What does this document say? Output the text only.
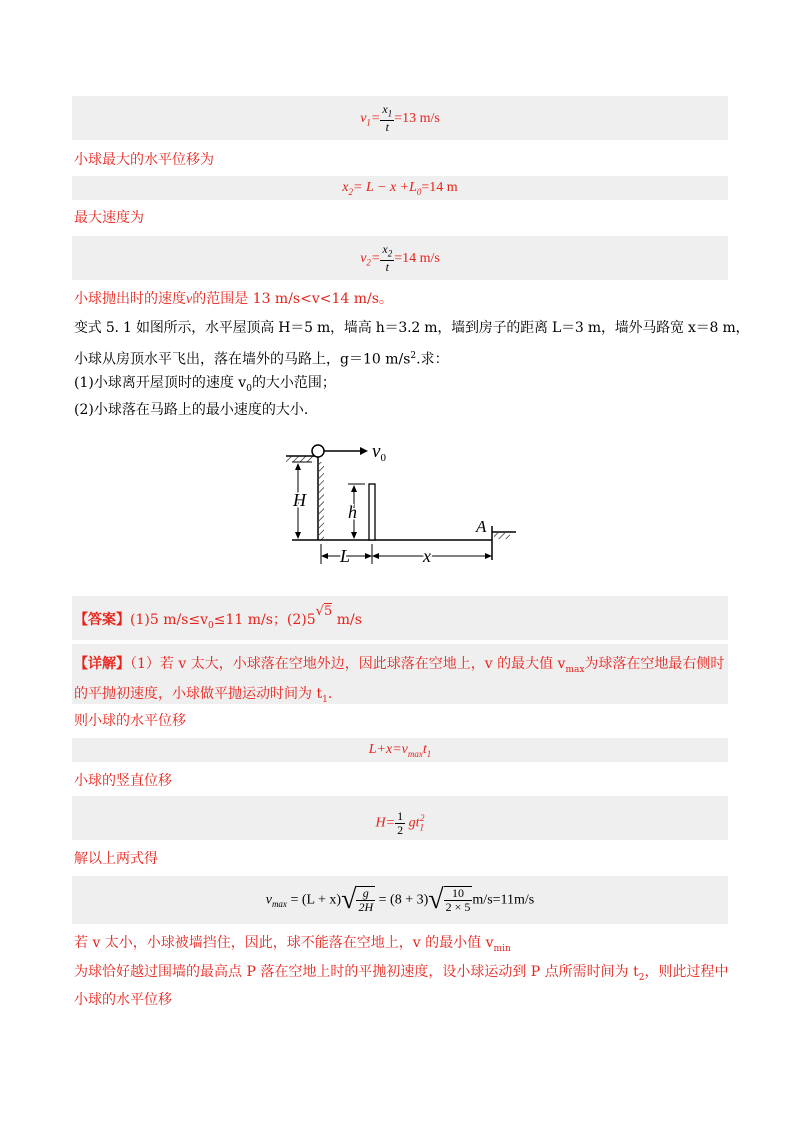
$v_1= \frac{x_1}{t} =13$ m/s
小球最大的水平位移为
$x_2= L - x +L_0=14$ m
最大速度为
$v_2= \frac{x_2}{t} =14$ m/s
小球抛出时的速度v的范围是 13 m/s<v<14 m/s。
变式 5. 1 如图所示，水平屋顶高 H＝5 m，墙高 h＝3.2 m，墙到房子的距离 L＝3 m，墙外马路宽 x＝8 m，
小球从房顶水平飞出，落在墙外的马路上，g＝10 $m/s^2$.求：
(1)小球离开屋顶时的速度 $v_0$的大小范围；
(2)小球落在马路上的最小速度的大小.
$v_0$
H
h
A
L	x
【答案】(1)5 $m/s\le v_0\le 11$ m/s；(2)5√5 m/s
【详解】（1）若 v 太大，小球落在空地外边，因此球落在空地上，v 的最大值 $v_{max}$为球落在空地最右侧时
的平抛初速度，小球做平抛运动时间为 $t_1$.
则小球的水平位移
$L+x=v_{max}t_1$
小球的竖直位移
$H= \frac{1}{2} gt_1^2$
解以上两式得
$v_{max} = (L + x)√ \frac{g}{2H} = (8 + 3)√ \frac{10}{2 \times 5} m/s=11m/s$
若 v 太小，小球被墙挡住，因此，球不能落在空地上，v 的最小值 $v_{min}$
为球恰好越过围墙的最高点 P 落在空地上时的平抛初速度，设小球运动到 P 点所需时间为 $t_2$，则此过程中
小球的水平位移
